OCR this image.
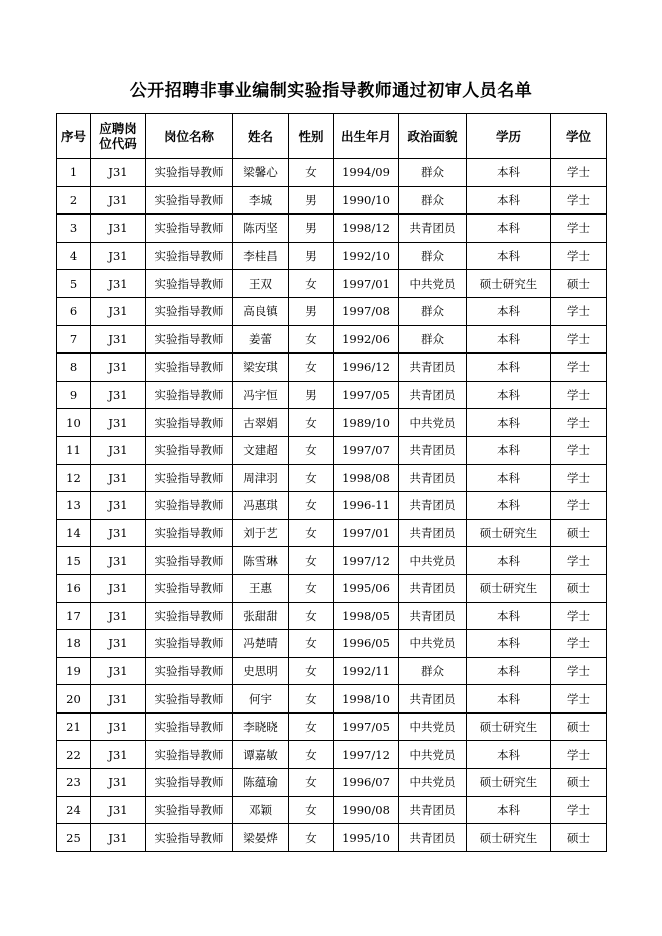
公开招聘非事业编制实验指导教师通过初审人员名单
序号	应聘岗位代码	岗位名称	姓名	性别	出生年月	政治面貌	学历	学位
1	J31	实验指导教师	梁馨心	女	1994/09	群众	本科	学士
2	J31	实验指导教师	李城	男	1990/10	群众	本科	学士
3	J31	实验指导教师	陈丙坚	男	1998/12	共青团员	本科	学士
4	J31	实验指导教师	李桂昌	男	1992/10	群众	本科	学士
5	J31	实验指导教师	王双	女	1997/01	中共党员	硕士研究生	硕士
6	J31	实验指导教师	高良镇	男	1997/08	群众	本科	学士
7	J31	实验指导教师	姜蕾	女	1992/06	群众	本科	学士
8	J31	实验指导教师	梁安琪	女	1996/12	共青团员	本科	学士
9	J31	实验指导教师	冯宇恒	男	1997/05	共青团员	本科	学士
10	J31	实验指导教师	古翠娟	女	1989/10	中共党员	本科	学士
11	J31	实验指导教师	文建超	女	1997/07	共青团员	本科	学士
12	J31	实验指导教师	周津羽	女	1998/08	共青团员	本科	学士
13	J31	实验指导教师	冯惠琪	女	1996-11	共青团员	本科	学士
14	J31	实验指导教师	刘于艺	女	1997/01	共青团员	硕士研究生	硕士
15	J31	实验指导教师	陈雪琳	女	1997/12	中共党员	本科	学士
16	J31	实验指导教师	王惠	女	1995/06	共青团员	硕士研究生	硕士
17	J31	实验指导教师	张甜甜	女	1998/05	共青团员	本科	学士
18	J31	实验指导教师	冯楚晴	女	1996/05	中共党员	本科	学士
19	J31	实验指导教师	史思明	女	1992/11	群众	本科	学士
20	J31	实验指导教师	何宇	女	1998/10	共青团员	本科	学士
21	J31	实验指导教师	李晓晓	女	1997/05	中共党员	硕士研究生	硕士
22	J31	实验指导教师	谭嘉敏	女	1997/12	中共党员	本科	学士
23	J31	实验指导教师	陈蕴瑜	女	1996/07	中共党员	硕士研究生	硕士
24	J31	实验指导教师	邓颖	女	1990/08	共青团员	本科	学士
25	J31	实验指导教师	梁晏烨	女	1995/10	共青团员	硕士研究生	硕士
